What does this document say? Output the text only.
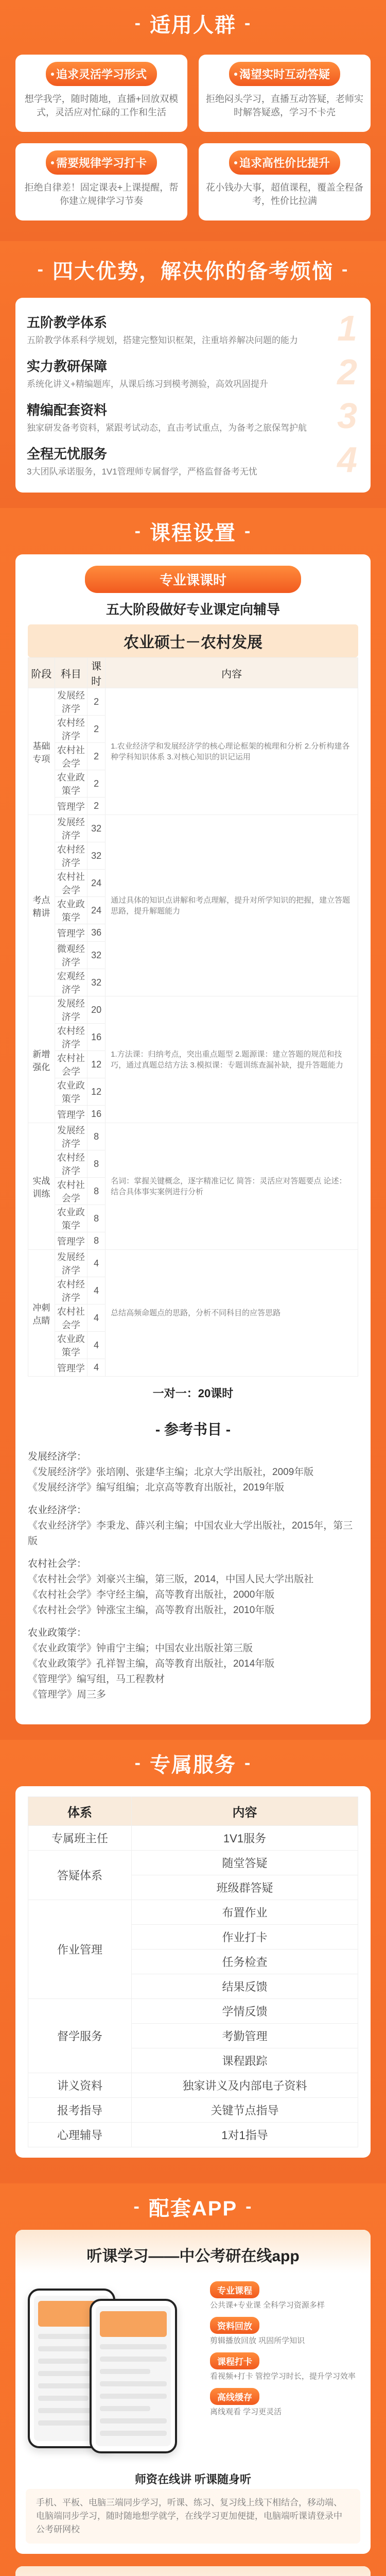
- 适用人群 -
追求灵活学习形式
想学我学，随时随地，直播+回放双模式，灵活应对忙碌的工作和生活
渴望实时互动答疑
拒绝闷头学习，直播互动答疑，老师实时解答疑惑，学习不卡壳
需要规律学习打卡
拒绝自律差！固定课表+上课提醒，帮你建立规律学习节奏
追求高性价比提升
花小钱办大事，超值课程，覆盖全程备考，性价比拉满
- 四大优势，解决你的备考烦恼 -
1
五阶教学体系

五阶教学体系科学规划，搭建完整知识框架，注重培养解决问题的能力

2
实力教研保障

系统化讲义+精编题库，从课后练习到模考测验，高效巩固提升

3
精编配套资料

独家研发备考资料，紧跟考试动态，直击考试重点，为备考之旅保驾护航

4
全程无忧服务

3大团队承诺服务，1V1管理师专属督学，严格监督备考无忧

- 课程设置 -
专业课课时
五大阶段做好专业课定向辅导
农业硕士－农村发展
阶段	科目	课时	内容
基础专项	发展经济学	2	1.农业经济学和发展经济学的核心理论框架的梳理和分析 2.分析构建各种学科知识体系 3.对核心知识的识记运用
	农村经济学	2	
	农村社会学	2	
	农业政策学	2	
	管理学	2	
考点精讲	发展经济学	32	通过具体的知识点讲解和考点理解，提升对所学知识的把握，建立答题思路，提升解题能力
	农村经济学	32	
	农村社会学	24	
	农业政策学	24	
	管理学	36	
	微观经济学	32	
	宏观经济学	32	
新增强化	发展经济学	20	1.方法课：归纳考点，突出重点题型 2.题源课：建立答题的规范和技巧，通过真题总结方法 3.模拟课：专题训练查漏补缺，提升答题能力
	农村经济学	16	
	农村社会学	12	
	农业政策学	12	
	管理学	16	
实战训练	发展经济学	8	名词：掌握关键概念，逐字精准记忆 简答：灵活应对答题要点 论述：结合具体事实案例进行分析
	农村经济学	8	
	农村社会学	8	
	农业政策学	8	
	管理学	8	
冲刺点睛	发展经济学	4	总结高频命题点的思路，分析不同科目的应答思路
	农村经济学	4	
	农村社会学	4	
	农业政策学	4	
	管理学	4	
一对一：20课时
- 参考书目 -

发展经济学：

《发展经济学》张培刚、张建华主编；北京大学出版社，2009年版

《发展经济学》编写组编；北京高等教育出版社，2019年版

农业经济学：

《农业经济学》李秉龙、薛兴利主编；中国农业大学出版社，2015年，第三版

农村社会学：

《农村社会学》刘豪兴主编，第三版，2014，中国人民大学出版社

《农村社会学》李守经主编，高等教育出版社，2000年版

《农村社会学》钟涨宝主编，高等教育出版社，2010年版

农业政策学：

《农业政策学》钟甫宁主编；中国农业出版社第三版

《农业政策学》孔祥智主编，高等教育出版社，2014年版

《管理学》编写组，马工程教材

《管理学》周三多

- 专属服务 -
体系	内容
专属班主任	1V1服务
答疑体系	随堂答疑
	班级群答疑
作业管理	布置作业
	作业打卡
	任务检查
	结果反馈
督学服务	学情反馈
	考勤管理
	课程跟踪
讲义资料	独家讲义及内部电子资料
报考指导	关键节点指导
心理辅导	1对1指导
- 配套APP -
听课学习——中公考研在线app
专业课程

公共课+专业课 全科学习资源多样

资料回放

剪辑播放回放 巩固所学知识

课程打卡

看视频+打卡 管控学习时长，提升学习效率

高线缓存

离线观看 学习更灵活

师资在线讲 听课随身听
手机、平板、电脑三端同步学习，听课、练习、复习线上线下相结合，移动端、电脑端同步学习，随时随地想学就学，在线学习更加便捷，电脑端听课请登录中公考研网校
